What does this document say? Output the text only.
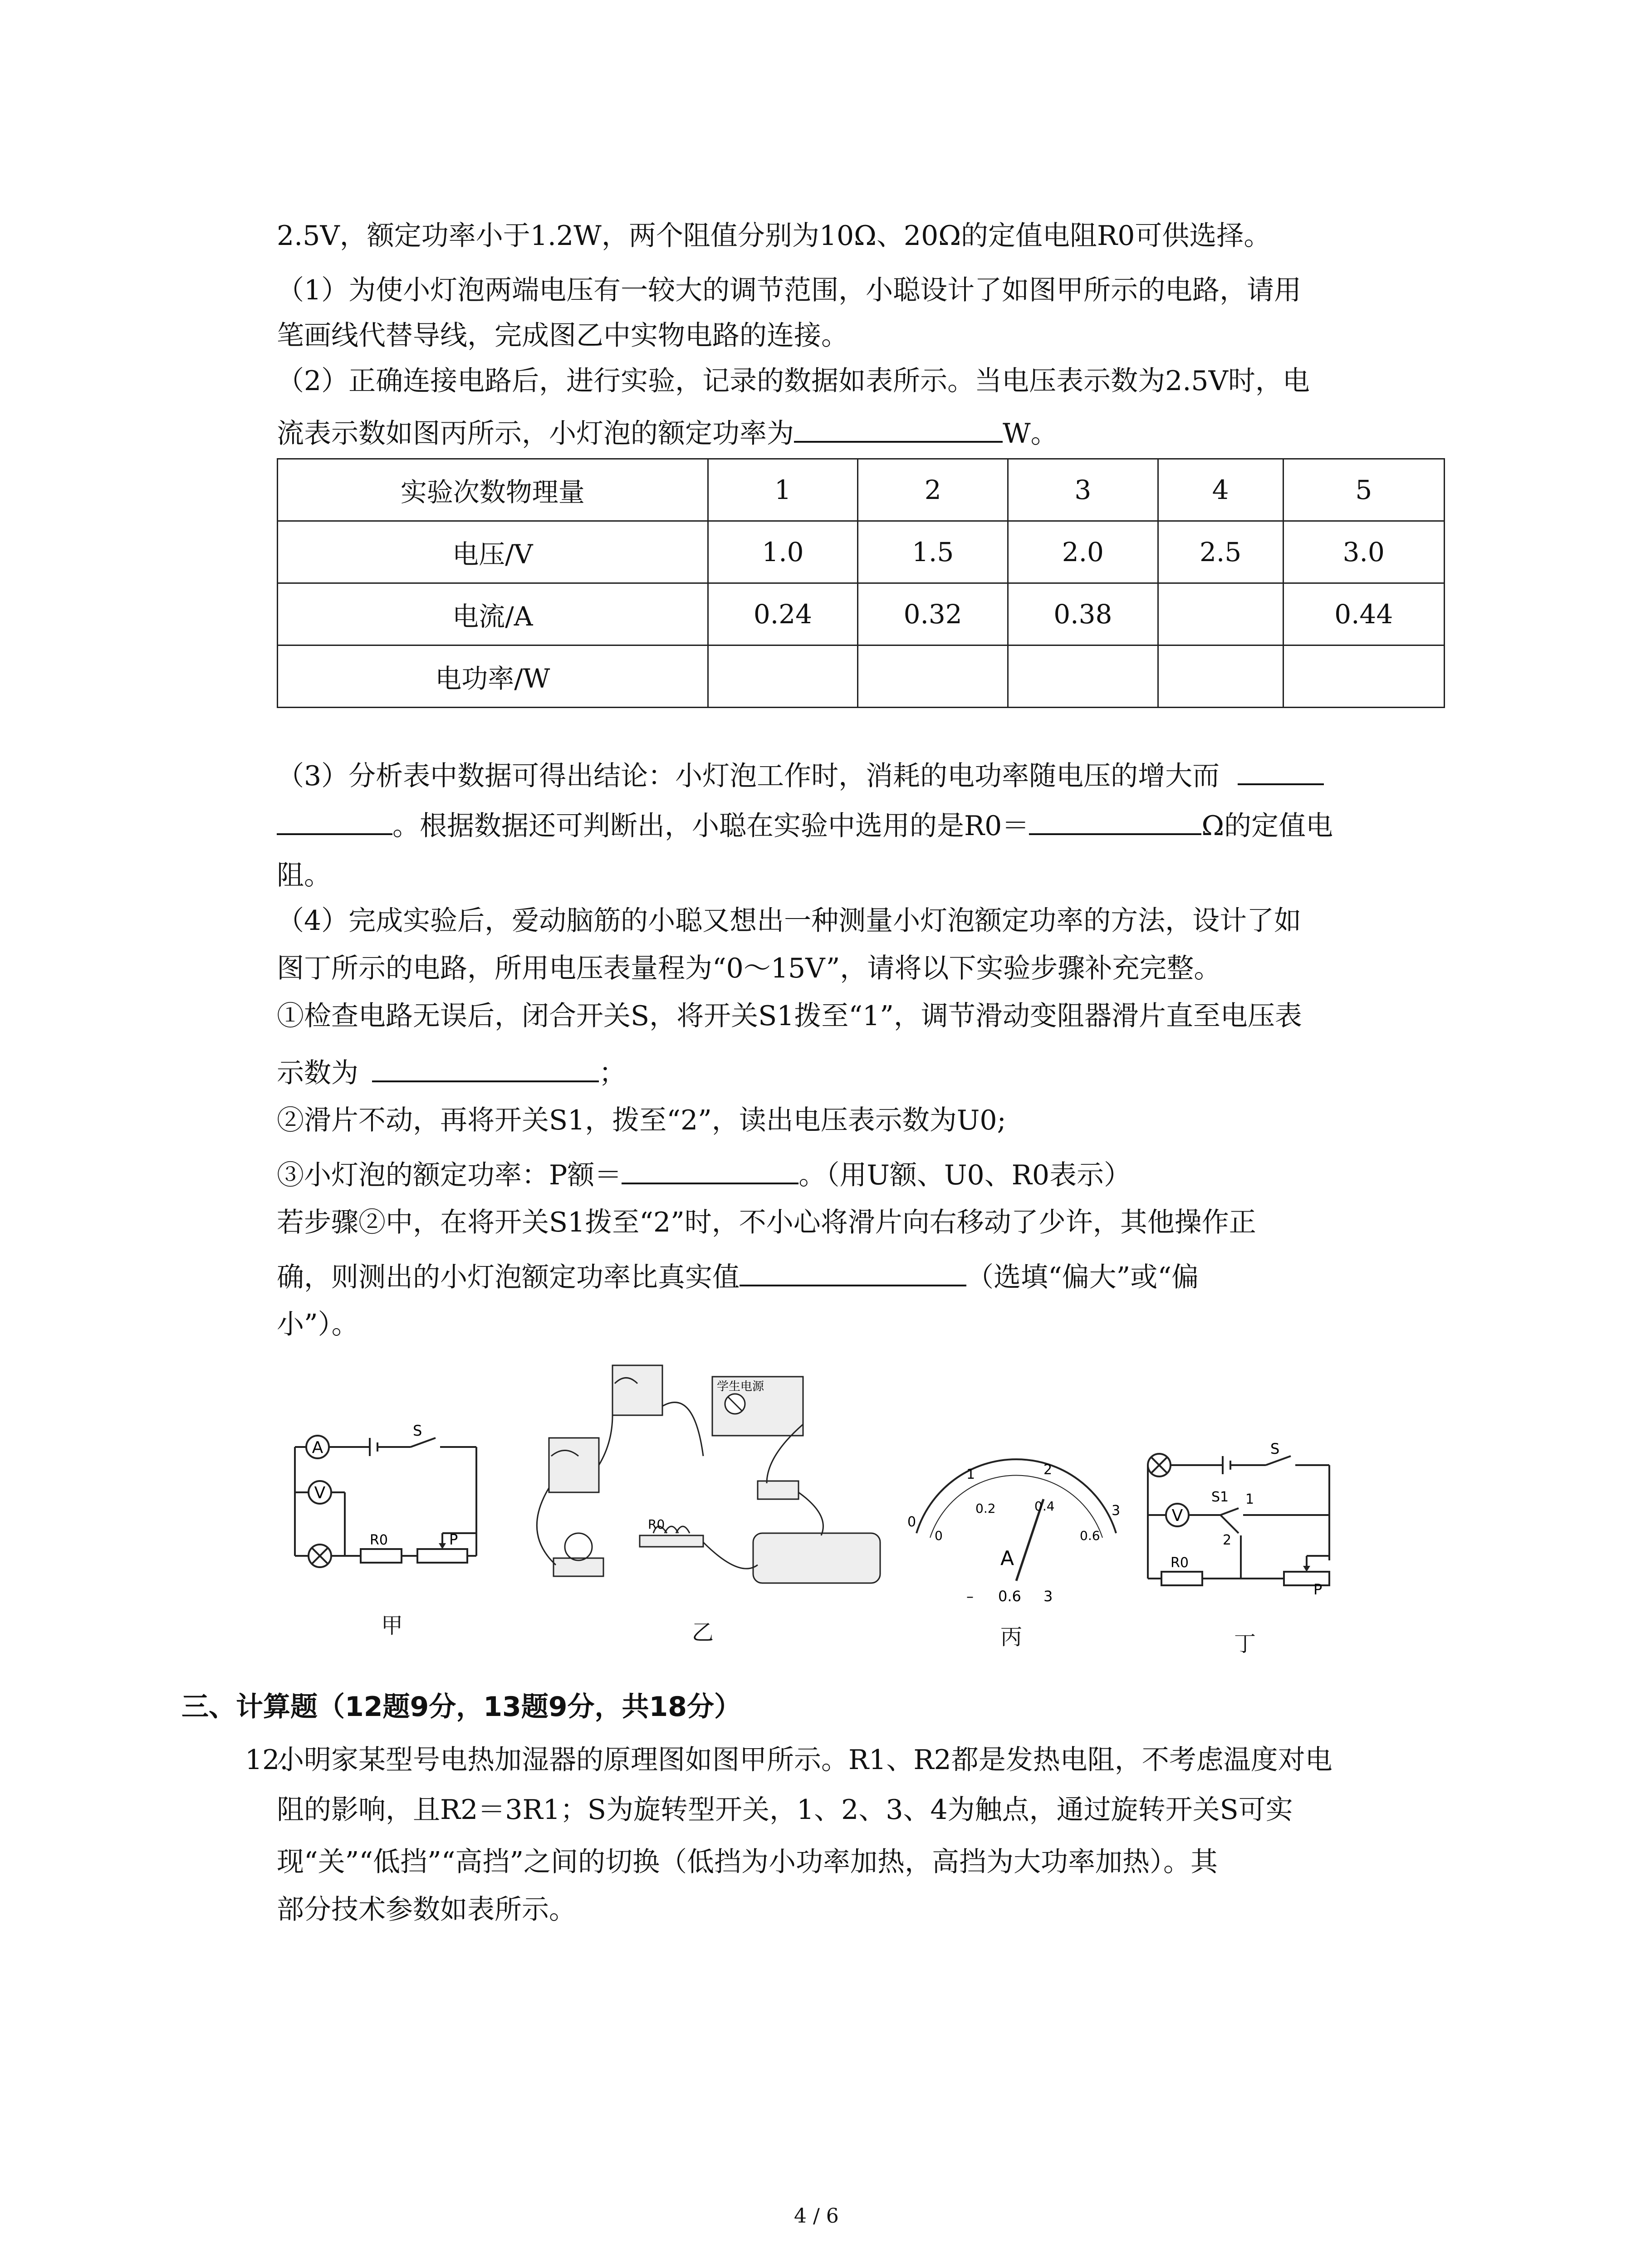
2.5V，额定功率小于1.2W，两个阻值分别为10Ω、20Ω的定值电阻R0可供选择。
（1）为使小灯泡两端电压有一较大的调节范围，小聪设计了如图甲所示的电路，请用
笔画线代替导线，完成图乙中实物电路的连接。
（2）正确连接电路后，进行实验，记录的数据如表所示。当电压表示数为2.5V时，电
流表示数如图丙所示，小灯泡的额定功率为	W。
实验次数物理量	1	2	3	4	5
电压/V	1.0	1.5	2.0	2.5	3.0
电流/A	0.24	0.32	0.38		0.44
电功率/W					
（3）分析表中数据可得出结论：小灯泡工作时，消耗的电功率随电压的增大而
。根据数据还可判断出，小聪在实验中选用的是R0＝	Ω的定值电
阻。
（4）完成实验后，爱动脑筋的小聪又想出一种测量小灯泡额定功率的方法，设计了如
图丁所示的电路，所用电压表量程为“0～15V”，请将以下实验步骤补充完整。
①检查电路无误后，闭合开关S，将开关S1拨至“1”，调节滑动变阻器滑片直至电压表
示数为	；
②滑片不动，再将开关S1，拨至“2”，读出电压表示数为U0;
③小灯泡的额定功率：P额＝	。（用U额、U0、R0表示）
若步骤②中，在将开关S1拨至“2”时，不小心将滑片向右移动了少许，其他操作正
确，则测出的小灯泡额定功率比真实值	（选填“偏大”或“偏
小”）。
A
V
S
R0	P
甲
学生电源
R0
乙
0
1	2
3
0
0.2	0.4
0.6
A
– 0.6 3
丙
V
S
S1 1
2
R0
P
丁
三、计算题（12题9分，13题9分，共18分）
12.
小明家某型号电热加湿器的原理图如图甲所示。R1、R2都是发热电阻，不考虑温度对电
阻的影响，且R2＝3R1；S为旋转型开关，1、2、3、4为触点，通过旋转开关S可实
现“关”“低挡”“高挡”之间的切换（低挡为小功率加热，高挡为大功率加热）。其
部分技术参数如表所示。
4 / 6
